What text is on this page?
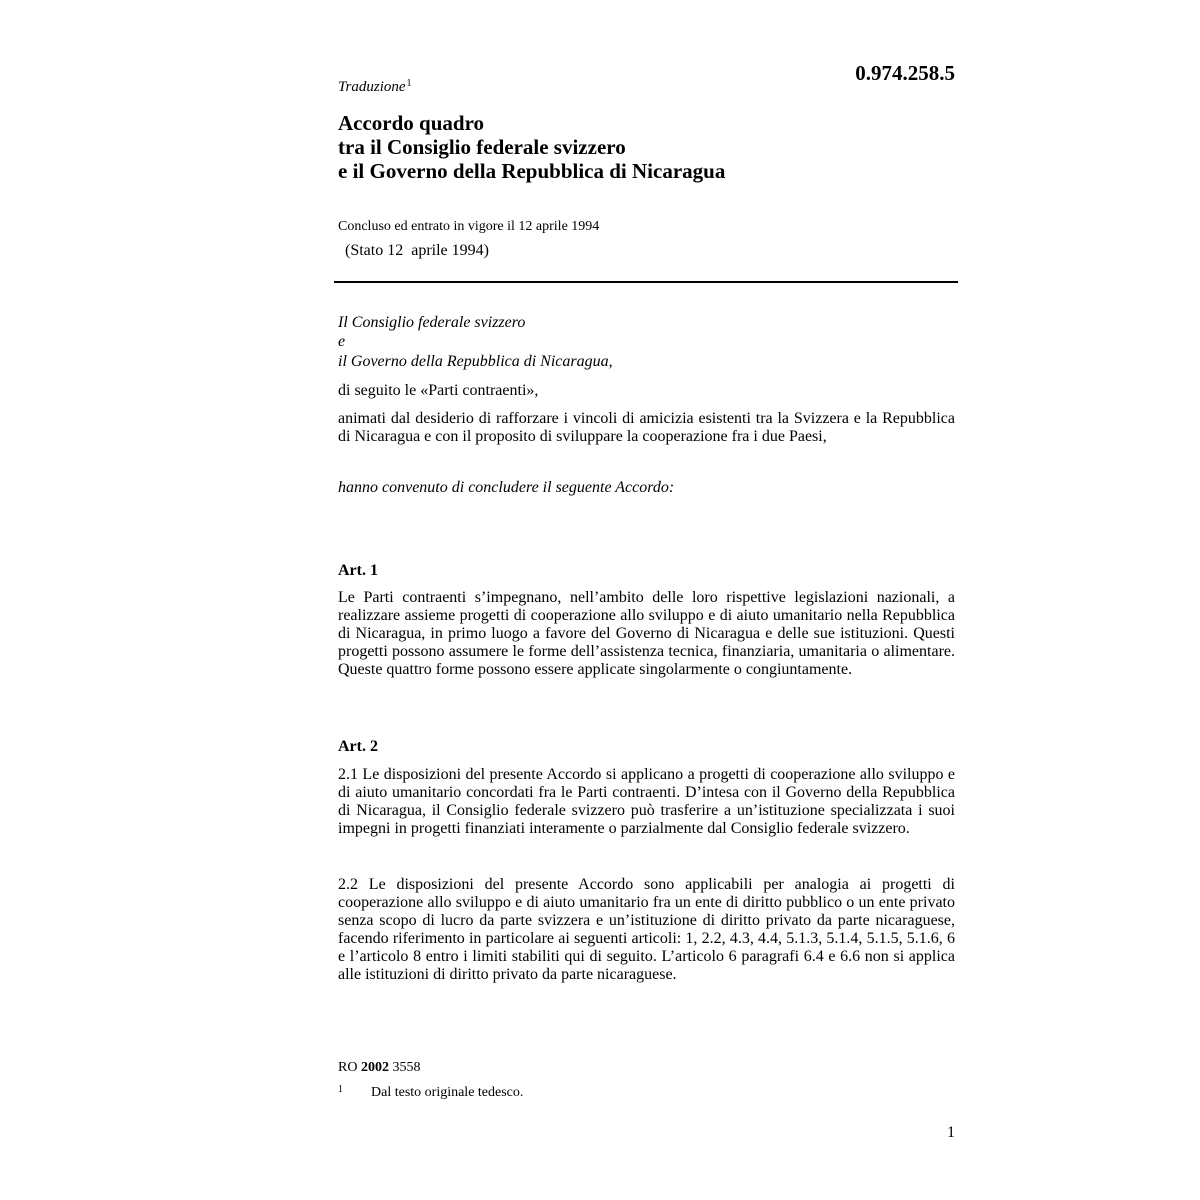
0.974.258.5
Traduzione$^1$
Accordo quadro
tra il Consiglio federale svizzero
e il Governo della Repubblica di Nicaragua
Concluso ed entrato in vigore il 12 aprile 1994
(Stato 12  aprile 1994)
Il Consiglio federale svizzero
e
il Governo della Repubblica di Nicaragua,
di seguito le «Parti contraenti»,
animati dal desiderio di rafforzare i vincoli di amicizia esistenti tra la Svizzera e la Repubblica di Nicaragua e con il proposito di sviluppare la cooperazione fra i due Paesi,
hanno convenuto di concludere il seguente Accordo:
Art. 1
Le Parti contraenti s’impegnano, nell’ambito delle loro rispettive legislazioni nazionali, a realizzare assieme progetti di cooperazione allo sviluppo e di aiuto umanitario nella Repubblica di Nicaragua, in primo luogo a favore del Governo di Nicaragua e delle sue istituzioni. Questi progetti possono assumere le forme dell’assistenza tecnica, finanziaria, umanitaria o alimentare. Queste quattro forme possono essere applicate singolarmente o congiuntamente.
Art. 2
2.1 Le disposizioni del presente Accordo si applicano a progetti di cooperazione allo sviluppo e di aiuto umanitario concordati fra le Parti contraenti. D’intesa con il Governo della Repubblica di Nicaragua, il Consiglio federale svizzero può trasferire a un’istituzione specializzata i suoi impegni in progetti finanziati interamente o parzialmente dal Consiglio federale svizzero.
2.2 Le disposizioni del presente Accordo sono applicabili per analogia ai progetti di cooperazione allo sviluppo e di aiuto umanitario fra un ente di diritto pubblico o un ente privato senza scopo di lucro da parte svizzera e un’istituzione di diritto privato da parte nicaraguese, facendo riferimento in particolare ai seguenti articoli: 1, 2.2, 4.3, 4.4, 5.1.3, 5.1.4, 5.1.5, 5.1.6, 6 e l’articolo 8 entro i limiti stabiliti qui di seguito. L’articolo 6 paragrafi 6.4 e 6.6 non si applica alle istituzioni di diritto privato da parte nicaraguese.
RO 2002 3558
1 Dal testo originale tedesco.
1
